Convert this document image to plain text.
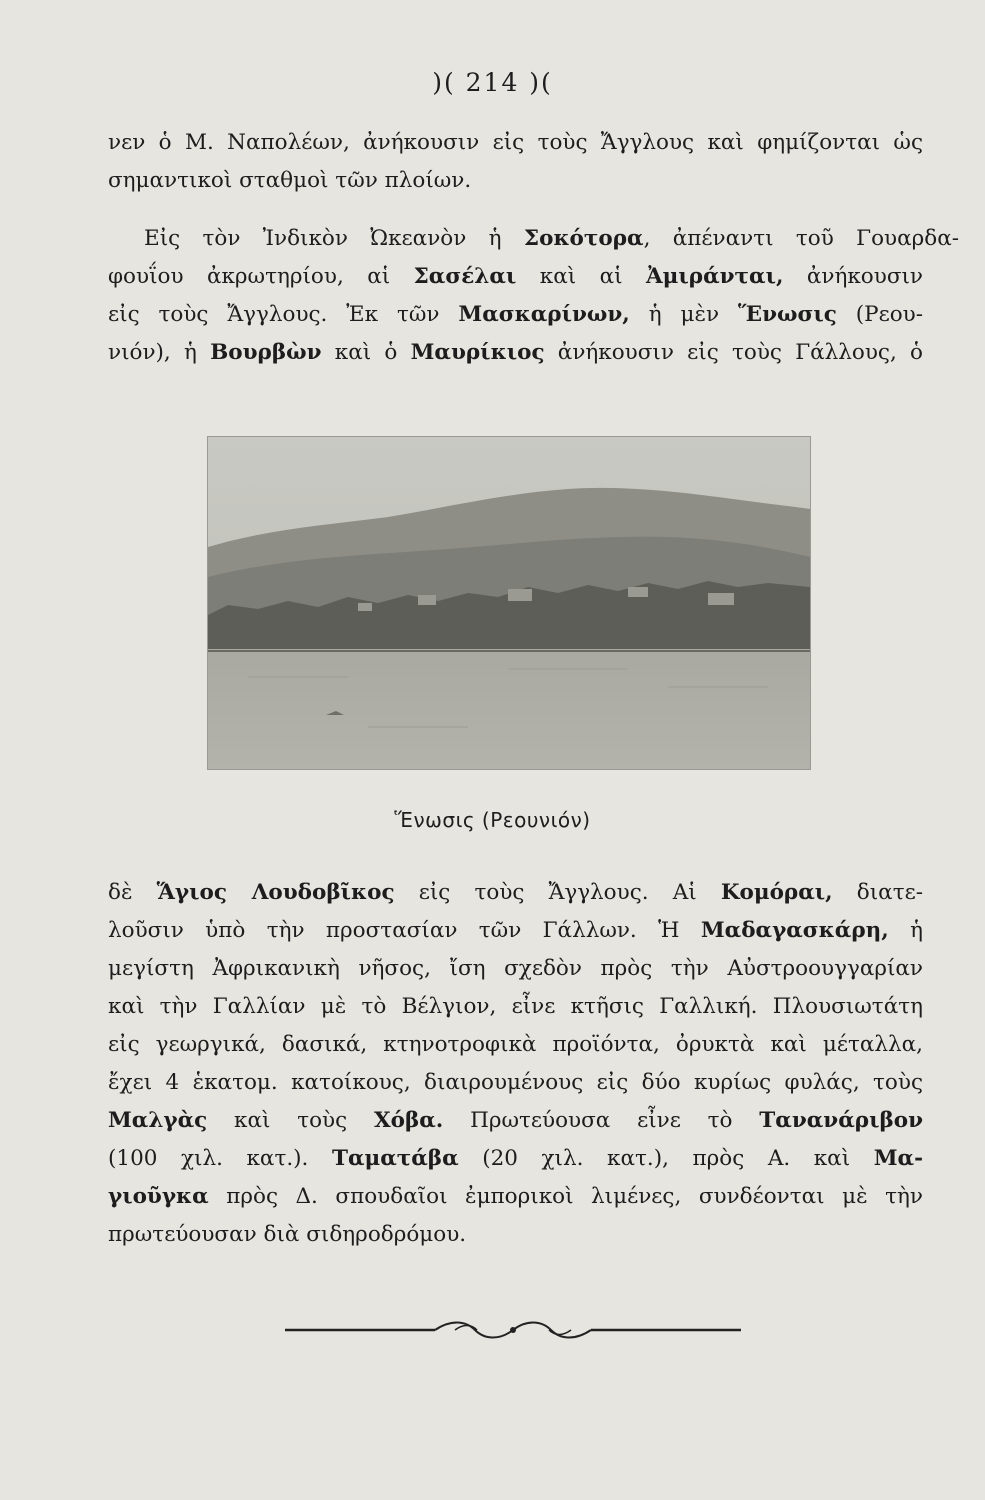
)( 214 )(

νεν ὁ Μ. Ναπολέων, ἀνήκουσιν εἰς τοὺς Ἄγγλους καὶ φημίζονται ὡς

σημαντικοὶ σταθμοὶ τῶν πλοίων.

Εἰς τὸν Ἰνδικὸν Ὠκεανὸν ἡ Σοκότορα, ἀπέναντι τοῦ Γουαρδα-

φουΐου ἀκρωτηρίου, αἱ Σασέλαι καὶ αἱ Ἀμιράνται, ἀνήκουσιν

εἰς τοὺς Ἄγγλους. Ἐκ τῶν Μασκαρίνων, ἡ μὲν Ἕνωσις (Ρεου-

νιόν), ἡ Βουρβὼν καὶ ὁ Μαυρίκιος ἀνήκουσιν εἰς τοὺς Γάλλους, ὁ

Ἕνωσις (Ρεουνιόν)

δὲ Ἅγιος Λουδοβῖκος εἰς τοὺς Ἄγγλους. Αἱ Κομόραι, διατε-

λοῦσιν ὑπὸ τὴν προστασίαν τῶν Γάλλων. Ἡ Μαδαγασκάρη, ἡ

μεγίστη Ἀφρικανικὴ νῆσος, ἴση σχεδὸν πρὸς τὴν Αὐστροουγγαρίαν

καὶ τὴν Γαλλίαν μὲ τὸ Βέλγιον, εἶνε κτῆσις Γαλλική. Πλουσιωτάτη

εἰς γεωργικά, δασικά, κτηνοτροφικὰ προϊόντα, ὀρυκτὰ καὶ μέταλλα,

ἔχει 4 ἑκατομ. κατοίκους, διαιρουμένους εἰς δύο κυρίως φυλάς, τοὺς

Μαλγὰς καὶ τοὺς Χόβα. Πρωτεύουσα εἶνε τὸ Τανανάριβον

(100 χιλ. κατ.). Ταματάβα (20 χιλ. κατ.), πρὸς Α. καὶ Μα-

γιοῦγκα πρὸς Δ. σπουδαῖοι ἐμπορικοὶ λιμένες, συνδέονται μὲ τὴν

πρωτεύουσαν διὰ σιδηροδρόμου.
